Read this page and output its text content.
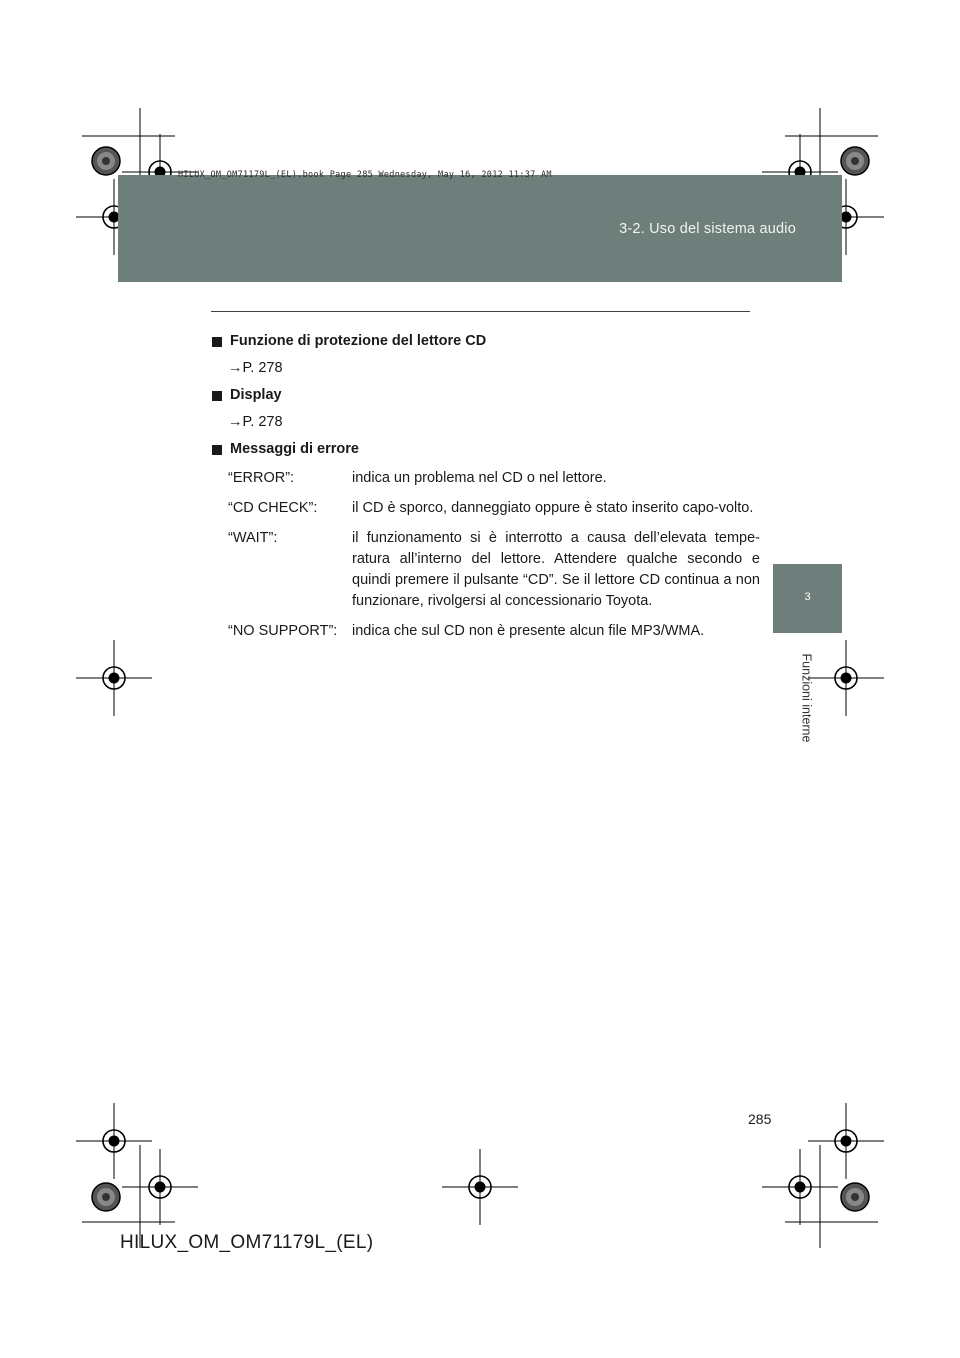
3-2. Uso del sistema audio
HILUX_OM_OM71179L_(EL).book Page 285 Wednesday, May 16, 2012 11:37 AM
3
Funzioni interne
Funzione di protezione del lettore CD
→P. 278
Display
→P. 278
Messaggi di errore
“ERROR”:	indica un problema nel CD o nel lettore.
“CD CHECK”:	il CD è sporco, danneggiato oppure è stato inserito capo-volto.
“WAIT”:	il funzionamento si è interrotto a causa dell’elevata tempe-ratura all’interno del lettore. Attendere qualche secondo e quindi premere il pulsante “CD”. Se il lettore CD continua a non funzionare, rivolgersi al concessionario Toyota.
“NO SUPPORT”:	indica che sul CD non è presente alcun file MP3/WMA.
285
HILUX_OM_OM71179L_(EL)
